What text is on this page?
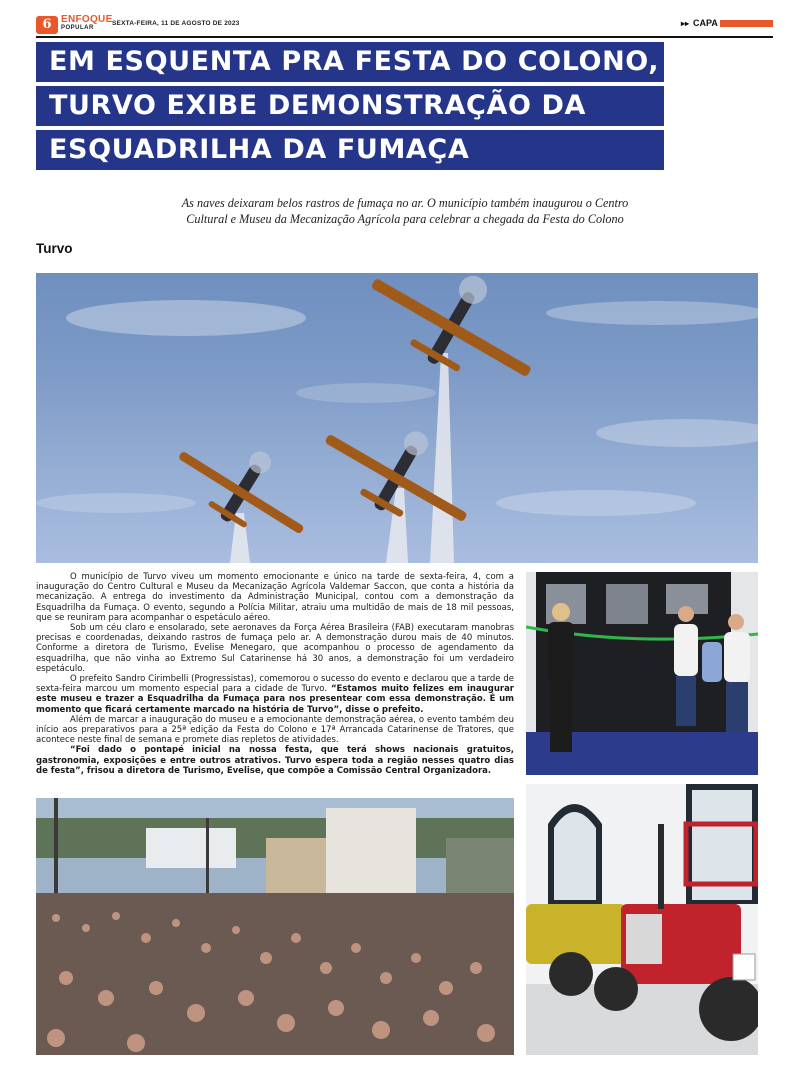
6 ENFOQUE
POPULAR
SEXTA-FEIRA, 11 DE AGOSTO DE 2023	▸▸ CAPA
EM ESQUENTA PRA FESTA DO COLONO,
TURVO EXIBE DEMONSTRAÇÃO DA
ESQUADRILHA DA FUMAÇA
As naves deixaram belos rastros de fumaça no ar. O município também inaugurou o Centro Cultural e Museu da Mecanização Agrícola para celebrar a chegada da Festa do Colono
Turvo

O município de Turvo viveu um momento emocionante e único na tarde de sexta-feira, 4, com a inauguração do Centro Cultural e Museu da Mecanização Agrícola Valdemar Saccon, que conta a história da mecanização. A entrega do investimento da Administração Municipal, contou com a demonstração da Esquadrilha da Fumaça. O evento, segundo a Polícia Militar, atraiu uma multidão de mais de 18 mil pessoas, que se reuniram para acompanhar o espetáculo aéreo.

Sob um céu claro e ensolarado, sete aeronaves da Força Aérea Brasileira (FAB) executaram manobras precisas e coordenadas, deixando rastros de fumaça pelo ar. A demonstração durou mais de 40 minutos. Conforme a diretora de Turismo, Evelise Menegaro, que acompanhou o processo de agendamento da esquadrilha, que não vinha ao Extremo Sul Catarinense há 30 anos, a demonstração foi um verdadeiro espetáculo.

O prefeito Sandro Cirimbelli (Progressistas), comemorou o sucesso do evento e declarou que a tarde de sexta-feira marcou um momento especial para a cidade de Turvo. “Estamos muito felizes em inaugurar este museu e trazer a Esquadrilha da Fumaça para nos presentear com essa demonstração. É um momento que ficará certamente marcado na história de Turvo”, disse o prefeito.

Além de marcar a inauguração do museu e a emocionante demonstração aérea, o evento também deu início aos preparativos para a 25ª edição da Festa do Colono e 17ª Arrancada Catarinense de Tratores, que acontece neste final de semana e promete dias repletos de atividades.

“Foi dado o pontapé inicial na nossa festa, que terá shows nacionais gratuitos, gastronomia, exposições e entre outros atrativos. Turvo espera toda a região nesses quatro dias de festa”, frisou a diretora de Turismo, Evelise, que compõe a Comissão Central Organizadora.
